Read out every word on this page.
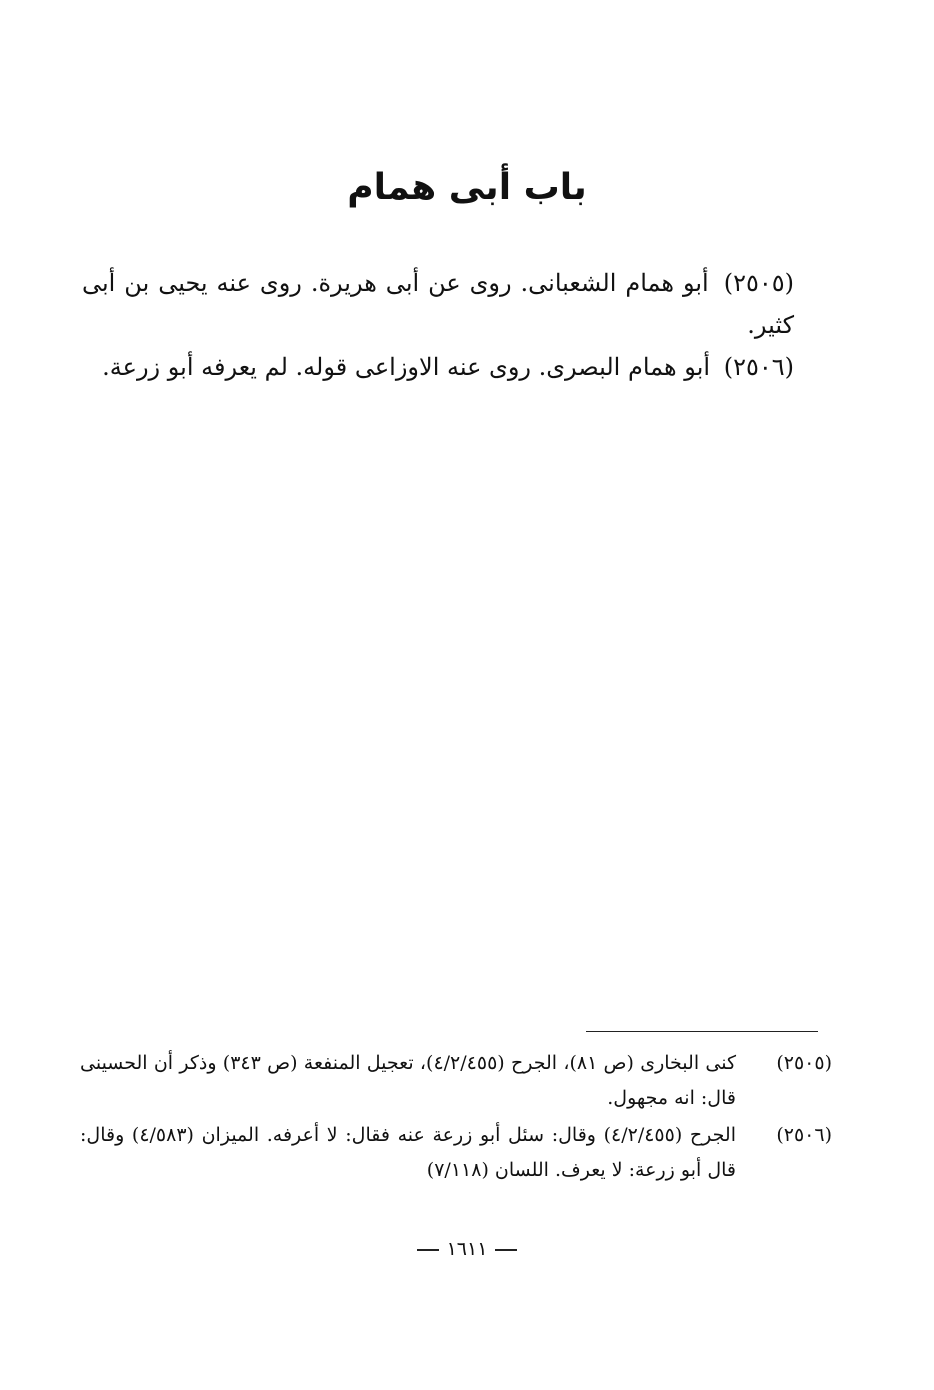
باب أبى همام

(٢٥٠٥) أبو همام الشعبانى. روى عن أبى هريرة. روى عنه يحيى بن أبى كثير.

(٢٥٠٦) أبو همام البصرى. روى عنه الاوزاعى قوله. لم يعرفه أبو زرعة.

(٢٥٠٥)
كنى البخارى (ص ٨١)، الجرح (٤/٢/٤٥٥)، تعجيل المنفعة (ص ٣٤٣) وذكر أن الحسينى قال: انه مجهول.
(٢٥٠٦)
الجرح (٤/٢/٤٥٥) وقال: سئل أبو زرعة عنه فقال: لا أعرفه. الميزان (٤/٥٨٣) وقال: قال أبو زرعة: لا يعرف. اللسان (٧/١١٨)
١٦١١
